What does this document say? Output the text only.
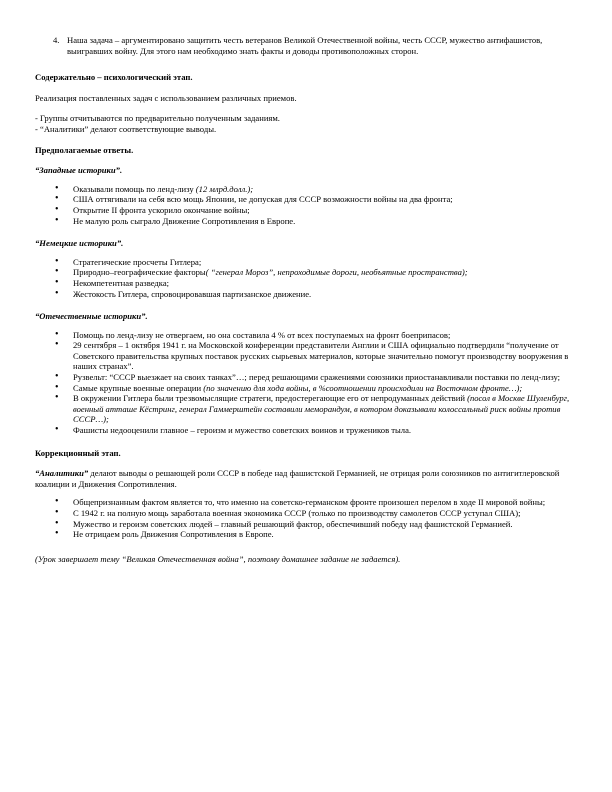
4. Наша задача – аргументировано защитить честь ветеранов Великой Отечественной войны, честь СССР, мужество антифашистов, выигравших войну. Для этого нам необходимо знать факты и доводы противоположных сторон.
Содержательно – психологический этап.
Реализация поставленных задач с использованием различных приемов.
- Группы отчитываются по предварительно полученным заданиям.
- “Аналитики” делают соответствующие выводы.
Предполагаемые ответы.
“Западные историки”.
• Оказывали помощь по ленд-лизу (12 млрд.долл.);
• США оттягивали на себя всю мощь Японии, не допуская для СССР возможности войны на два фронта;
• Открытие II фронта ускорило окончание войны;
• Не малую роль сыграло Движение Сопротивления в Европе.
“Немецкие историки”.
• Стратегические просчеты Гитлера;
• Природно–географические факторы( “генерал Мороз”, непроходимые дороги, необъятные пространства);
• Некомпетентная разведка;
• Жестокость Гитлера, спровоцировавшая партизанское движение.
“Отечественные историки”.
• Помощь по ленд-лизу не отвергаем, но она составила 4 % от всех поступаемых на фронт боеприпасов;
• 29 сентября – 1 октября 1941 г. на Московской конференции представители Англии и США официально подтвердили “получение от Советского правительства крупных поставок русских сырьевых материалов, которые значительно помогут производству вооружения в наших странах”.
• Рузвельт: “СССР выезжает на своих танках”…; перед решающими сражениями союзники приостанавливали поставки по ленд-лизу;
• Самые крупные военные операции (по значению для хода войны, в %соотношении происходили на Восточном фронте…);
• В окружении Гитлера были трезвомыслящие стратеги, предостерегающие его от непродуманных действий (посол в Москве Шуленбург, военный атташе Кёстринг, генерал Гаммерштейн составили меморандум, в котором доказывали колоссальный риск войны против СССР…);
• Фашисты недооценили главное – героизм и мужество советских воинов и тружеников тыла.
Коррекционный этап.
“Аналитики” делают выводы о решающей роли СССР в победе над фашистской Германией, не отрицая роли союзников по антигитлеровской коалиции и Движения Сопротивления.
• Общепризнанным фактом является то, что именно на советско-германском фронте произошел перелом в ходе II мировой войны;
• С 1942 г. на полную мощь заработала военная экономика СССР (только по производству самолетов СССР уступал США);
• Мужество и героизм советских людей – главный решающий фактор, обеспечивший победу над фашистской Германией.
• Не отрицаем роль Движения Сопротивления в Европе.
(Урок завершает тему “Великая Отечественная война”, поэтому домашнее задание не задается).
